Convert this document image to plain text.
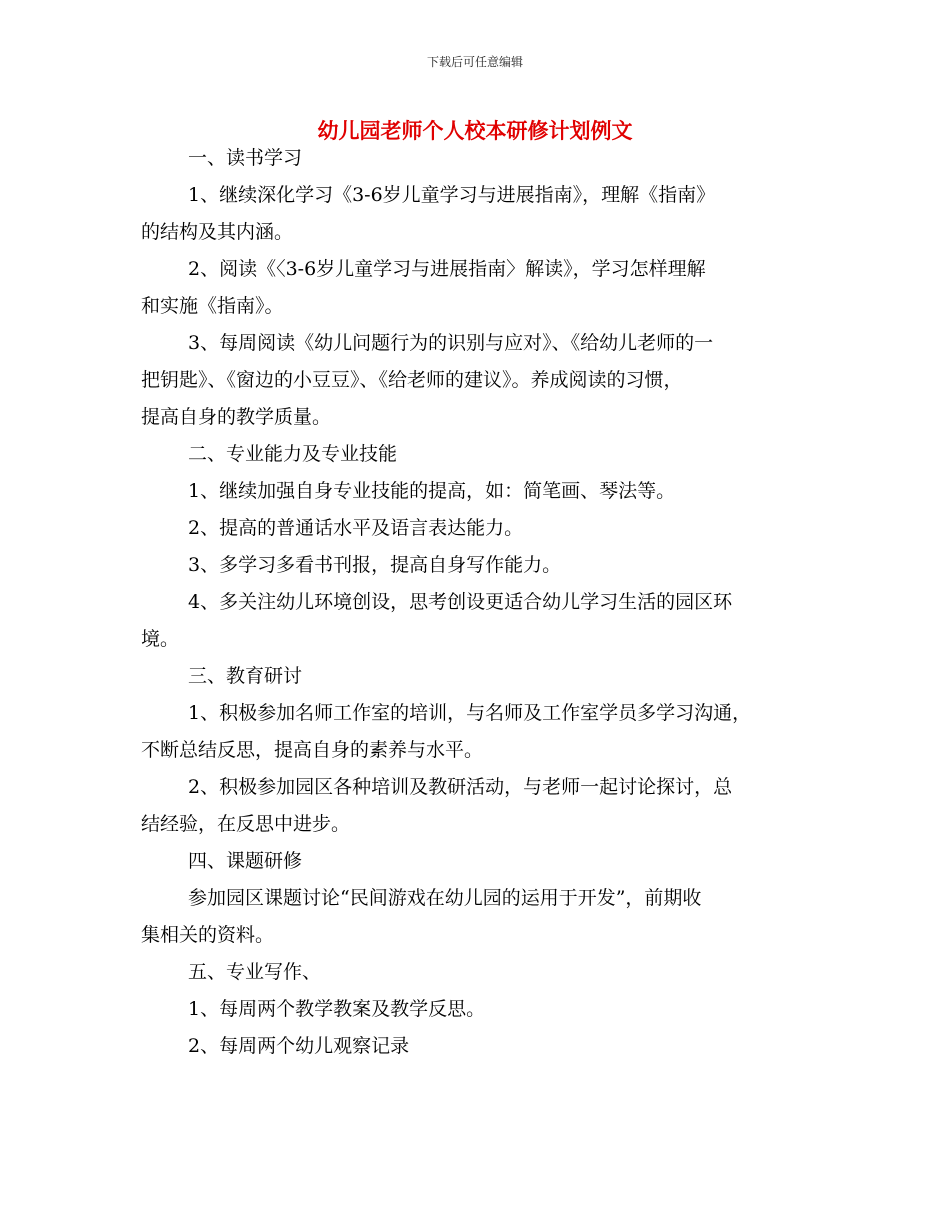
下载后可任意编辑
幼儿园老师个人校本研修计划例文
一、读书学习
1、继续深化学习《3-6岁儿童学习与进展指南》，理解《指南》
的结构及其内涵。
2、阅读《〈3-6岁儿童学习与进展指南〉解读》，学习怎样理解
和实施《指南》。
3、每周阅读《幼儿问题行为的识别与应对》、《给幼儿老师的一
把钥匙》、《窗边的小豆豆》、《给老师的建议》。养成阅读的习惯，
提高自身的教学质量。
二、专业能力及专业技能
1、继续加强自身专业技能的提高，如：简笔画、琴法等。
2、提高的普通话水平及语言表达能力。
3、多学习多看书刊报，提高自身写作能力。
4、多关注幼儿环境创设，思考创设更适合幼儿学习生活的园区环
境。
三、教育研讨
1、积极参加名师工作室的培训，与名师及工作室学员多学习沟通，
不断总结反思，提高自身的素养与水平。
2、积极参加园区各种培训及教研活动，与老师一起讨论探讨，总
结经验，在反思中进步。
四、课题研修
参加园区课题讨论“民间游戏在幼儿园的运用于开发”，前期收
集相关的资料。
五、专业写作、
1、每周两个教学教案及教学反思。
2、每周两个幼儿观察记录
